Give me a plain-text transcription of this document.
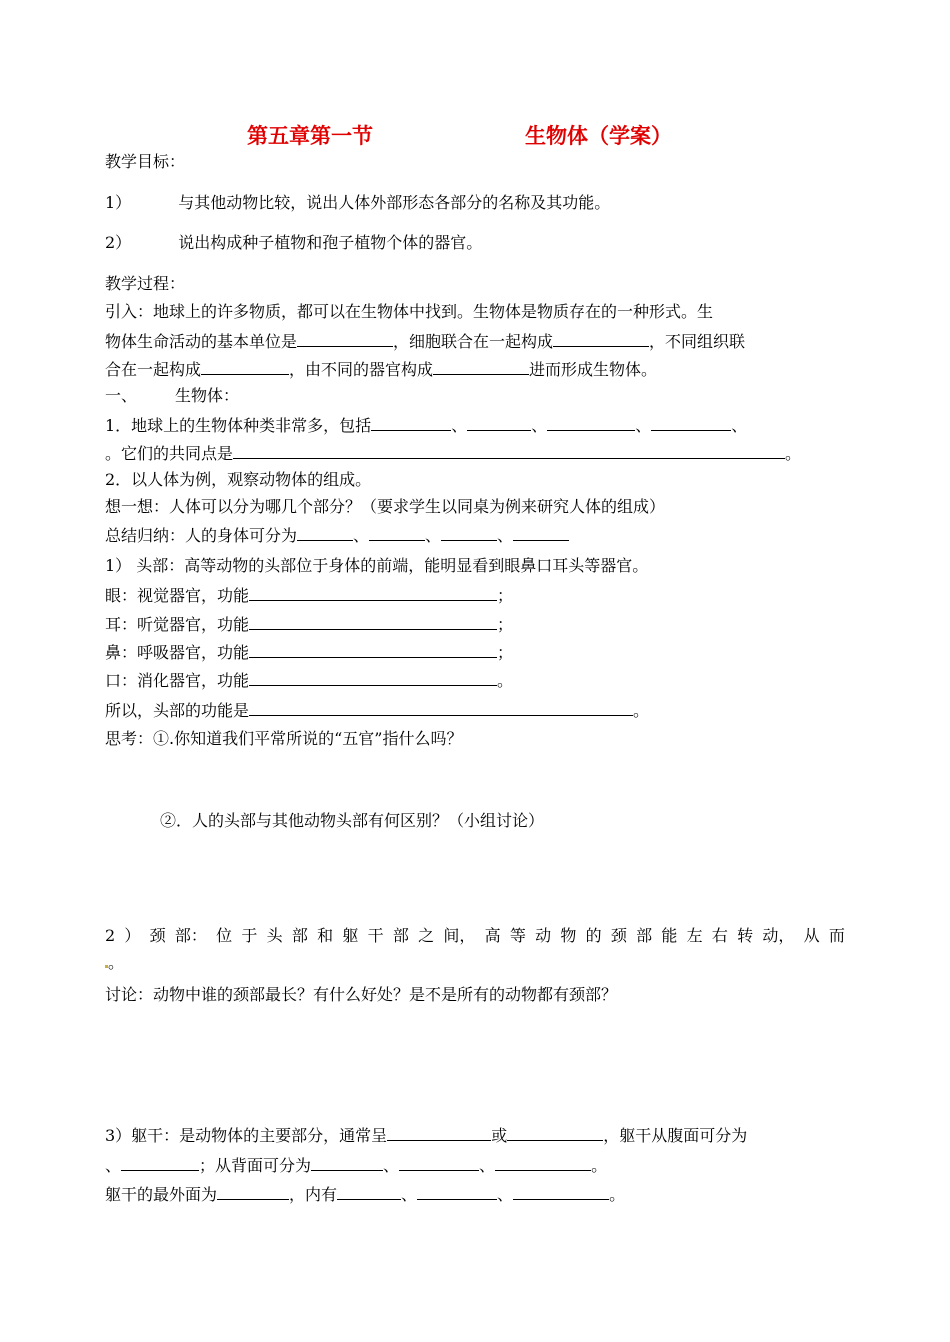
第五章第一节	生物体（学案）
教学目标：
1）	与其他动物比较，说出人体外部形态各部分的名称及其功能。
2）	说出构成种子植物和孢子植物个体的器官。
教学过程：
引入：地球上的许多物质，都可以在生物体中找到。生物体是物质存在的一种形式。生
物体生命活动的基本单位是	，细胞联合在一起构成	，不同组织联
合在一起构成	，由不同的器官构成	进而形成生物体。
一、 生物体：
1．地球上的生物体种类非常多，包括	、	、	、	、
。它们的共同点是	。
2．以人体为例，观察动物体的组成。
想一想：人体可以分为哪几个部分？（要求学生以同桌为例来研究人体的组成）
总结归纳：人的身体可分为	、	、	、
1） 头部：高等动物的头部位于身体的前端，能明显看到眼鼻口耳头等器官。
眼：视觉器官，功能	；
耳：听觉器官，功能	；
鼻：呼吸器官，功能	；
口：消化器官，功能	。
所以，头部的功能是	。
思考：①.你知道我们平常所说的“五官”指什么吗？
②．人的头部与其他动物头部有何区别？（小组讨论）
2 ） 颈 部： 位 于 头 部 和 躯 干 部 之 间， 高 等 动 物 的 颈 部 能 左 右 转 动， 从 而
。
讨论：动物中谁的颈部最长？有什么好处？是不是所有的动物都有颈部？
3）躯干：是动物体的主要部分，通常呈	或	，躯干从腹面可分为
、	；从背面可分为	、	、	。
躯干的最外面为	，内有	、	、	。
